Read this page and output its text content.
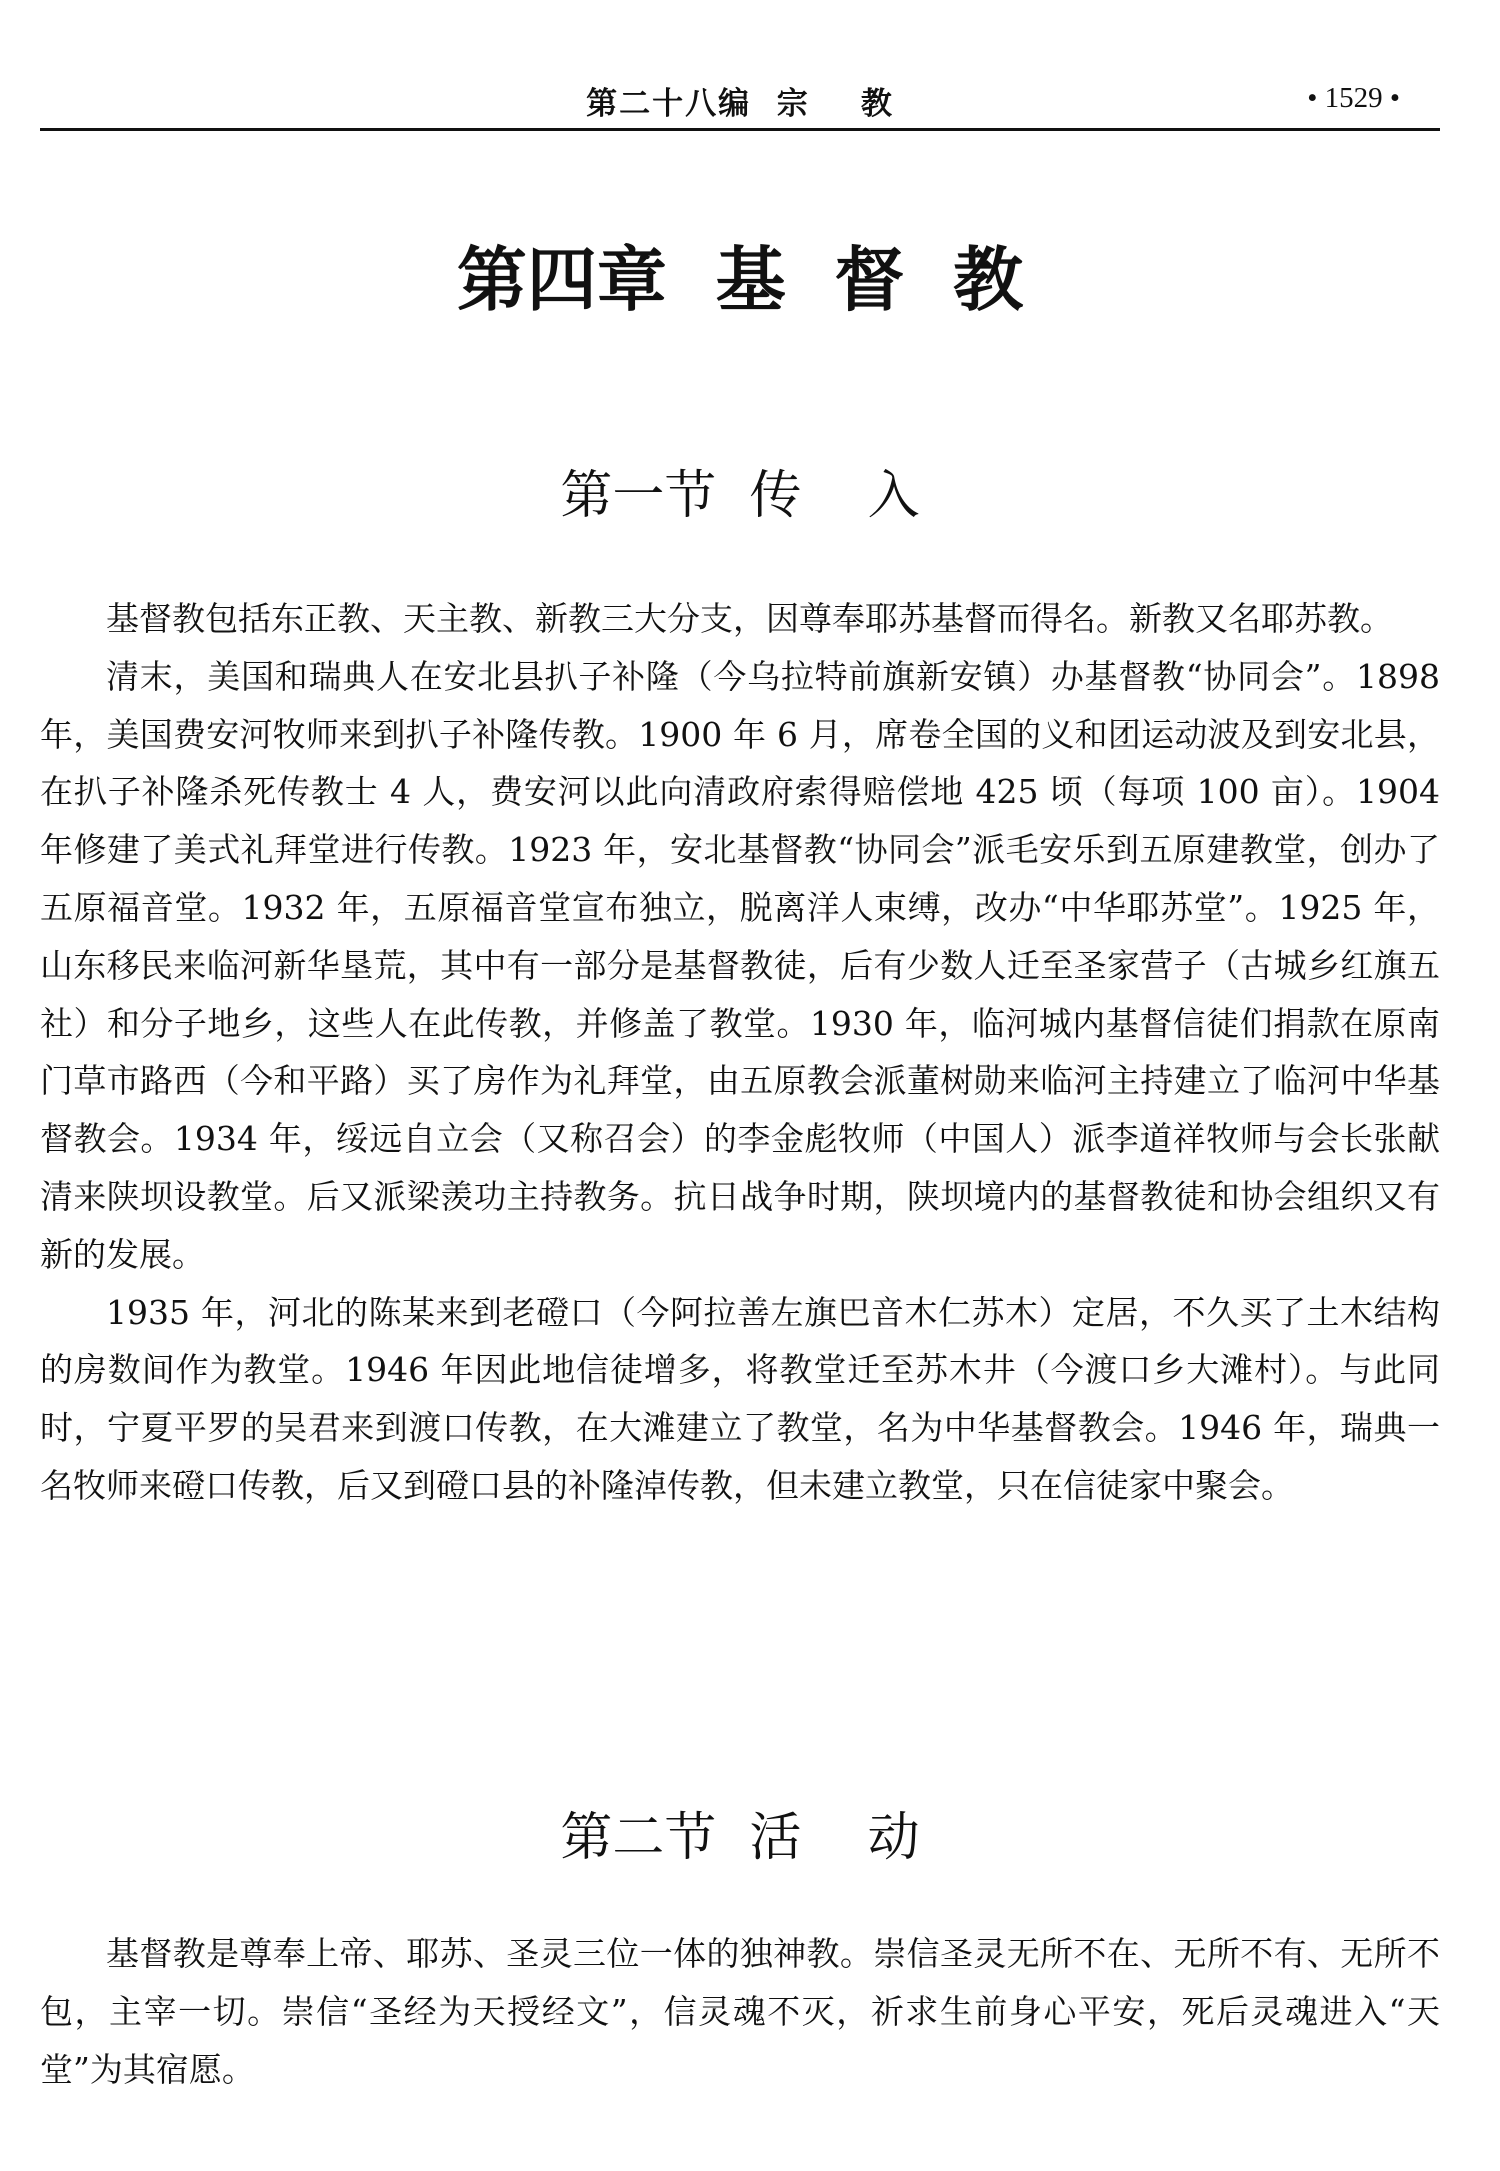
第二十八编  宗    教	• 1529 •
第四章  基  督  教
第一节  传    入

基督教包括东正教、天主教、新教三大分支，因尊奉耶苏基督而得名。新教又名耶苏教。

清末，美国和瑞典人在安北县扒子补隆（今乌拉特前旗新安镇）办基督教“协同会”。1898 年，美国费安河牧师来到扒子补隆传教。1900 年 6 月，席卷全国的义和团运动波及到安北县，在扒子补隆杀死传教士 4 人，费安河以此向清政府索得赔偿地 425 顷（每项 100 亩）。1904 年修建了美式礼拜堂进行传教。1923 年，安北基督教“协同会”派毛安乐到五原建教堂，创办了五原福音堂。1932 年，五原福音堂宣布独立，脱离洋人束缚，改办“中华耶苏堂”。1925 年，山东移民来临河新华垦荒，其中有一部分是基督教徒，后有少数人迁至圣家营子（古城乡红旗五社）和分子地乡，这些人在此传教，并修盖了教堂。1930 年，临河城内基督信徒们捐款在原南门草市路西（今和平路）买了房作为礼拜堂，由五原教会派董树勋来临河主持建立了临河中华基督教会。1934 年，绥远自立会（又称召会）的李金彪牧师（中国人）派李道祥牧师与会长张献清来陕坝设教堂。后又派梁羡功主持教务。抗日战争时期，陕坝境内的基督教徒和协会组织又有新的发展。

1935 年，河北的陈某来到老磴口（今阿拉善左旗巴音木仁苏木）定居，不久买了土木结构的房数间作为教堂。1946 年因此地信徒增多，将教堂迁至苏木井（今渡口乡大滩村）。与此同时，宁夏平罗的吴君来到渡口传教，在大滩建立了教堂，名为中华基督教会。1946 年，瑞典一名牧师来磴口传教，后又到磴口县的补隆淖传教，但未建立教堂，只在信徒家中聚会。

第二节  活    动

基督教是尊奉上帝、耶苏、圣灵三位一体的独神教。崇信圣灵无所不在、无所不有、无所不包，主宰一切。崇信“圣经为天授经文”，信灵魂不灭，祈求生前身心平安，死后灵魂进入“天堂”为其宿愿。
